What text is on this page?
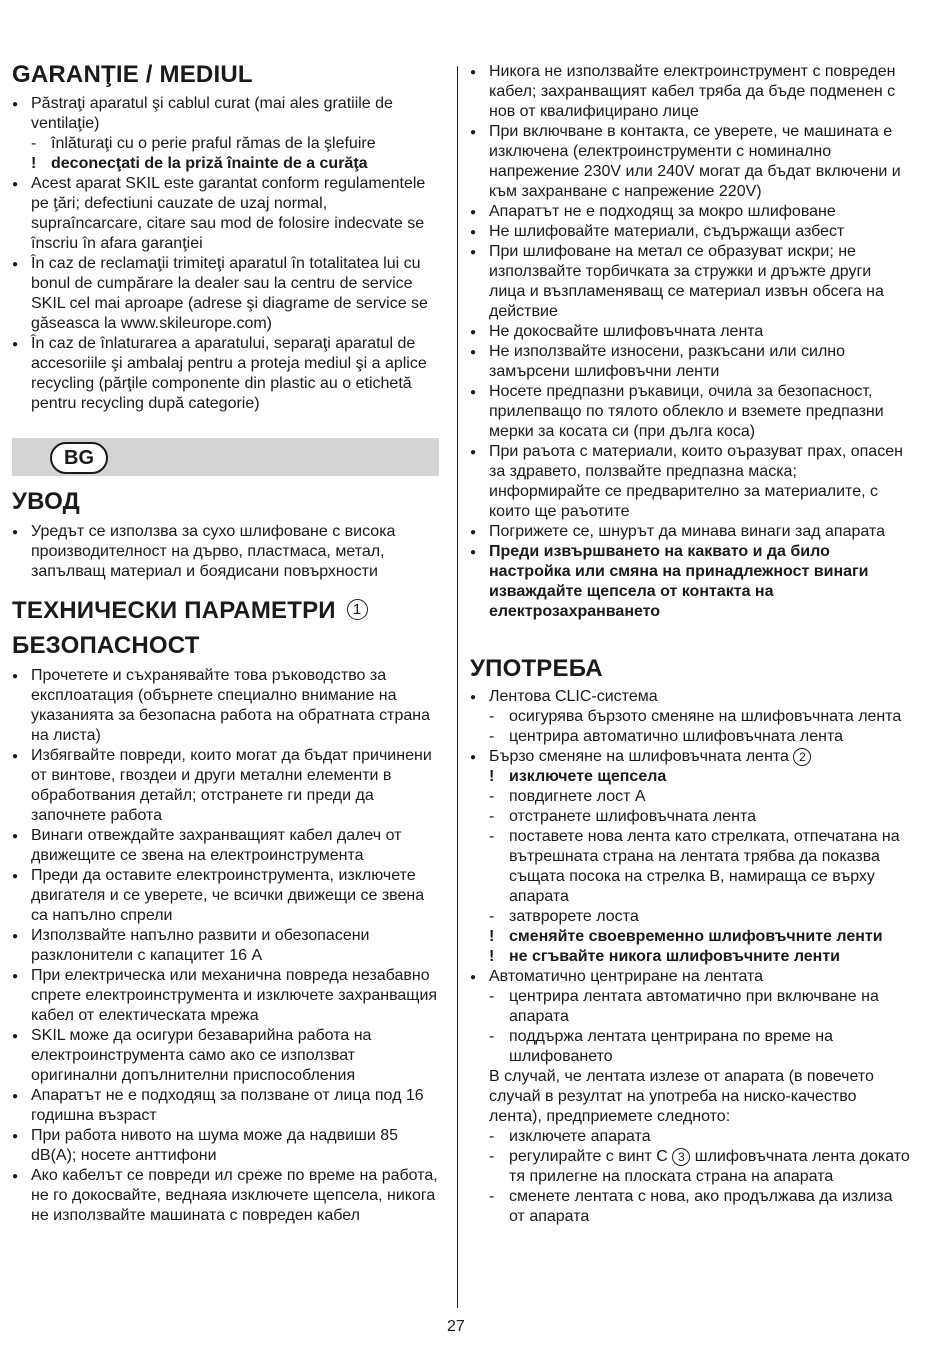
GARANŢIE / MEDIUL
● Păstraţi aparatul şi cablul curat (mai ales gratiile de ventilaţie)
- înlăturaţi cu o perie praful rămas de la şlefuire
! deconecţati de la priză înainte de a curăţa
● Acest aparat SKIL este garantat conform regulamentele pe ţări; defectiuni cauzate de uzaj normal, supraîncarcare, citare sau mod de folosire indecvate se înscriu în afara garanţiei
● În caz de reclamaţii trimiteţi aparatul în totalitatea lui cu bonul de cumpărare la dealer sau la centru de service SKIL cel mai aproape (adrese şi diagrame de service se găseasca la www.skileurope.com)
● În caz de înlaturarea a aparatului, separaţi aparatul de accesoriile şi ambalaj pentru a proteja mediul şi a aplice recycling (părţile componente din plastic au o etichetă pentru recycling după categorie)
BG
УВОД
● Уредът се използва за сухо шлифоване с висока производителност на дърво, пластмаса, метал, запълващ материал и боядисани повърхности
ТЕХНИЧЕСКИ ПАРАМЕТРИ 1
БЕЗОПАСНОСТ
● Прочетете и съхранявайте това ръководство за експлоатация (обърнете специално внимание на указанията за безопасна работа на обратната страна на листа)
● Избягвайте повреди, които могат да бъдат причинени от винтове, гвоздеи и други метални елементи в обработвания детайл; отстранете ги преди да започнете работа
● Винаги отвеждайте захранващият кабел далеч от движещите се звена на електроинструмента
● Преди да оставите електроинструмента, изключете двигателя и се уверете, че всички движещи се звена са напълно спрели
● Използвайте напълно развити и обезопасени разклонители с капацитет 16 А
● При електрическа или механична повреда незабавно спрете електроинструмента и изключете захранващия кабел от електическата мрежа
● SKIL може да осигури безаварийна работа на електроинструмента само ако се използват оригинални допълнителни приспособления
● Апаратът не е подходящ за ползване от лица под 16 годишна възраст
● При работа нивото на шума може да надвиши 85 dB(A); носете анттифони
● Ако кабелът се повреди ил среже по време на работа, не го докосвайте, веднаяа изключете щепсела, никога не използвайте машината с повреден кабел
● Никога не използвайте електроинструмент с повреден кабел; захранващият кабел тряба да бъде подменен с нов от квалифицирано лице
● При включване в контакта, се уверете, че машината е изключена (електроинструменти с номинално напрежение 230V или 240V могат да бъдат включени и към захранване с напрежение 220V)
● Апаратът не е подходящ за мокро шлифоване
● Не шлифовайте материали, съдържащи азбест
● При шлифоване на метал се образуват искри; не използвайте торбичката за стружки и дръжте други лица и възпламеняващ се материал извън обсега на действие
● Не докосвайте шлифовъчната лента
● Не използвайте износени, разкъсани или силно замърсени шлифовъчни ленти
● Носете предпазни ръкавици, очила за безопасност, прилепващо по тялото облекло и вземете предпазни мерки за косата си (при дълга коса)
● При раъота с материали, които оъразуват прах, опасен за здравето, ползвайте предпазна маска; информирайте се предварително за материалите, с които ще раъотите
● Погрижете се, шнурът да минава винаги зад апарата
● Преди извършването на каквато и да било настройка или смяна на принадлежност винаги изваждайте щепсела от контакта на електрозахранването
УПОТРЕБА
● Лентова CLIC-система
- осигурява бързото сменяне на шлифовъчната лента
- центрира автоматично шлифовъчната лента
● Бързо сменяне на шлифовъчната лента 2
! изключете щепсела
- повдигнете лост А
- отстранете шлифовъчната лента
- поставете нова лента като стрелката, отпечатана на вътрешната страна на лентата трябва да показва същата посока на стрелка В, намираща се върху апарата
- затврорете лоста
! сменяйте своевременно шлифовъчните ленти
! не сгъвайте никога шлифовъчните ленти
● Автоматично центриране на лентата
- центрира лентата автоматично при включване на апарата
- поддържа лентата центрирана по време на шлифоването
В случай, че лентата излезе от апарата (в повечето случай в резултат на употреба на ниско-качество лента), предприемете следното:
- изключете апарата
- регулирайте с винт С 3 шлифовъчната лента докато тя прилегне на плоската страна на апарата
- сменете лентата с нова, ако продължава да излиза от апарата
27
